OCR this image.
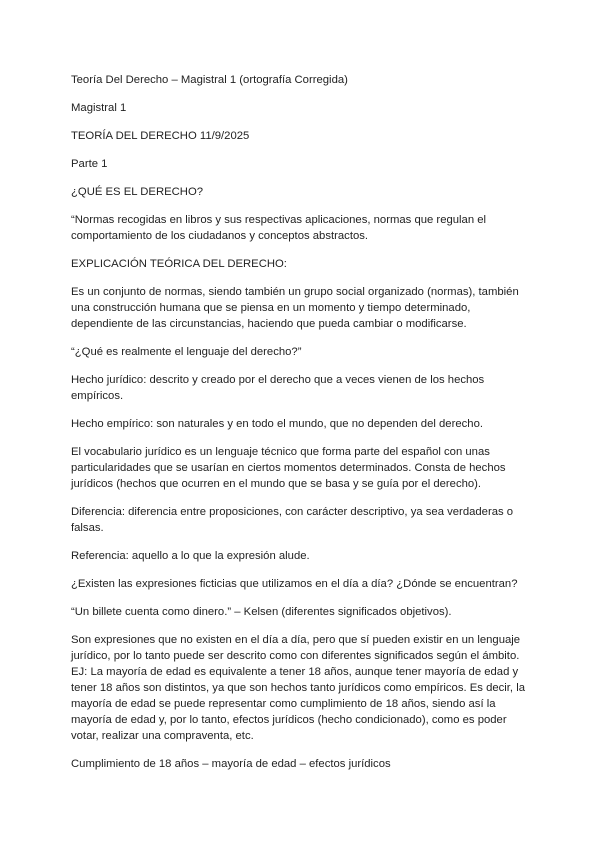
Teoría Del Derecho – Magistral 1 (ortografía Corregida)

Magistral 1

TEORÍA DEL DERECHO 11/9/2025

Parte 1

¿QUÉ ES EL DERECHO?

“Normas recogidas en libros y sus respectivas aplicaciones, normas que regulan el comportamiento de los ciudadanos y conceptos abstractos.

EXPLICACIÓN TEÓRICA DEL DERECHO:

Es un conjunto de normas, siendo también un grupo social organizado (normas), también una construcción humana que se piensa en un momento y tiempo determinado, dependiente de las circunstancias, haciendo que pueda cambiar o modificarse.

“¿Qué es realmente el lenguaje del derecho?”

Hecho jurídico: descrito y creado por el derecho que a veces vienen de los hechos empíricos.

Hecho empírico: son naturales y en todo el mundo, que no dependen del derecho.

El vocabulario jurídico es un lenguaje técnico que forma parte del español con unas particularidades que se usarían en ciertos momentos determinados. Consta de hechos jurídicos (hechos que ocurren en el mundo que se basa y se guía por el derecho).

Diferencia: diferencia entre proposiciones, con carácter descriptivo, ya sea verdaderas o falsas.

Referencia: aquello a lo que la expresión alude.

¿Existen las expresiones ficticias que utilizamos en el día a día? ¿Dónde se encuentran?

“Un billete cuenta como dinero.” – Kelsen (diferentes significados objetivos).

Son expresiones que no existen en el día a día, pero que sí pueden existir en un lenguaje jurídico, por lo tanto puede ser descrito como con diferentes significados según el ámbito. EJ: La mayoría de edad es equivalente a tener 18 años, aunque tener mayoría de edad y tener 18 años son distintos, ya que son hechos tanto jurídicos como empíricos. Es decir, la mayoría de edad se puede representar como cumplimiento de 18 años, siendo así la mayoría de edad y, por lo tanto, efectos jurídicos (hecho condicionado), como es poder votar, realizar una compraventa, etc.

Cumplimiento de 18 años – mayoría de edad – efectos jurídicos
